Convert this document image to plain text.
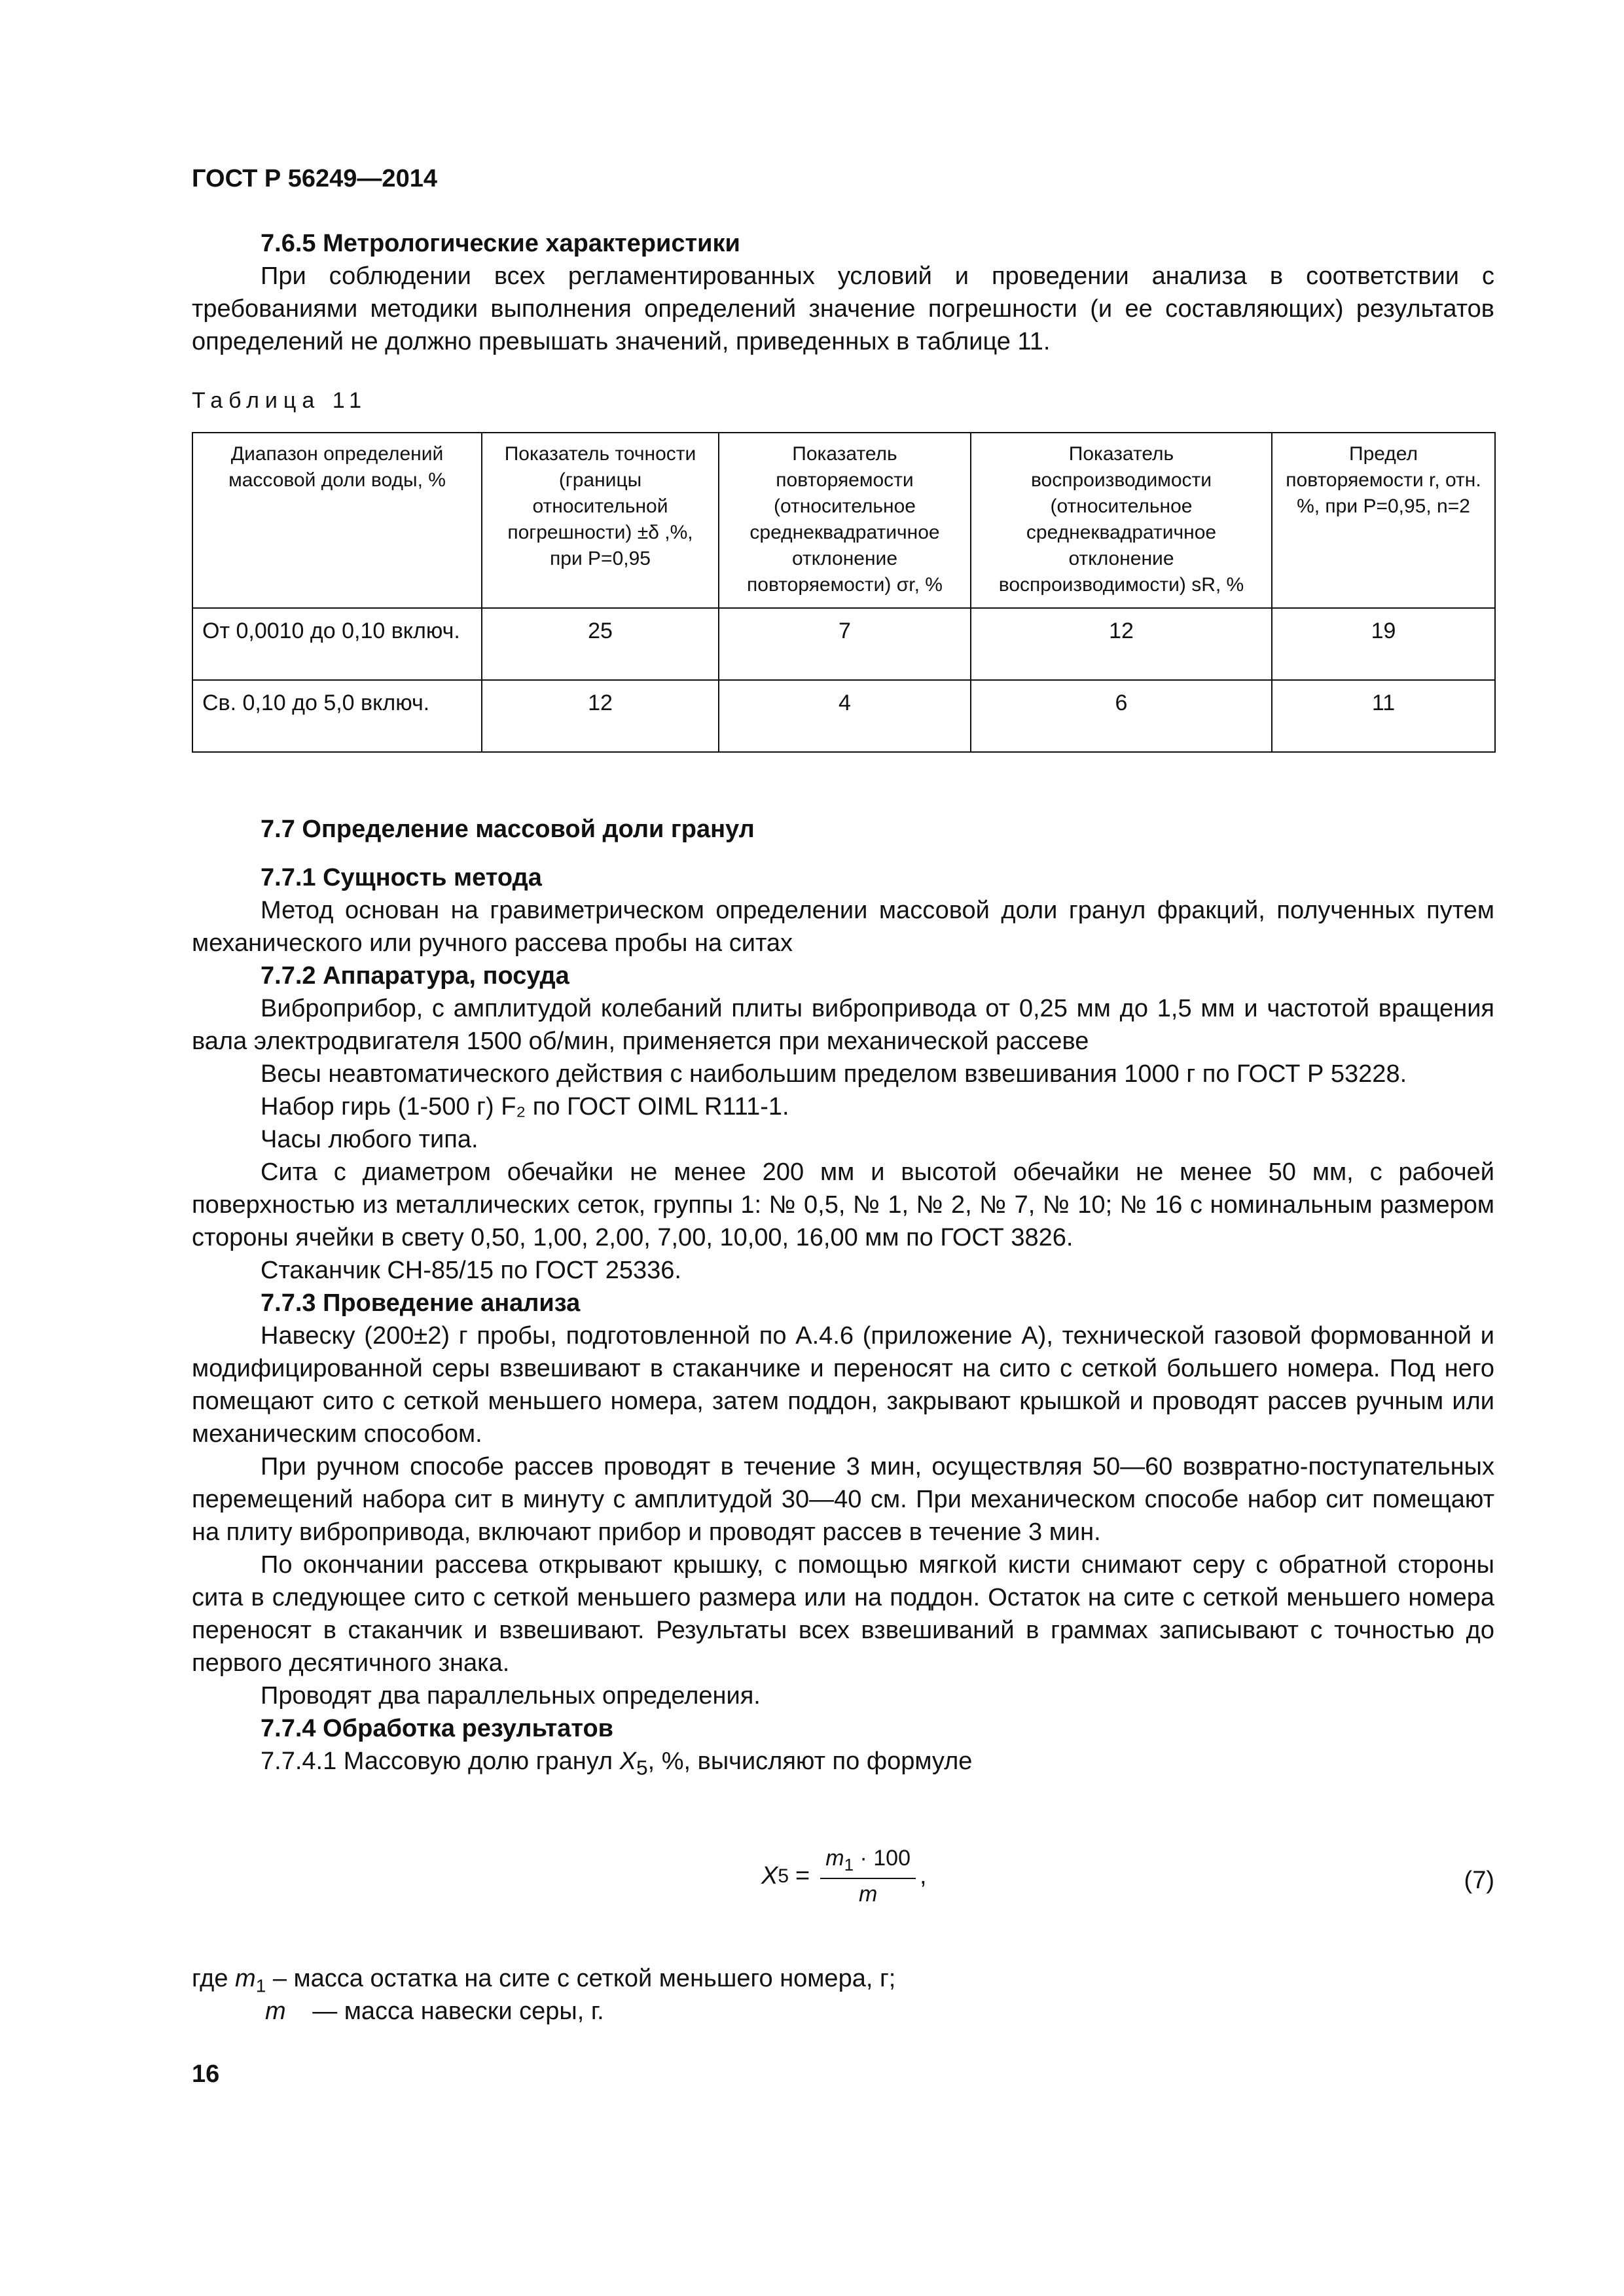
ГОСТ Р 56249—2014
7.6.5 Метрологические характеристики

При соблюдении всех регламентированных условий и проведении анализа в соответствии с требованиями методики выполнения определений значение погрешности (и ее составляющих) результатов определений не должно превышать значений, приведенных в таблице 11.

Таблица 11
Диапазон определений массовой доли воды, %	Показатель точности (границы относительной погрешности) ±δ ,%, при P=0,95	Показатель повторяемости (относительное среднеквадратичное отклонение повторяемости) σr, %	Показатель воспроизводимости (относительное среднеквадратичное отклонение воспроизводимости) sR, %	Предел повторяемости r, отн. %, при P=0,95, n=2
От 0,0010 до 0,10 включ.	25	7	12	19
Св. 0,10 до 5,0 включ.	12	4	6	11
7.7 Определение массовой доли гранул
7.7.1 Сущность метода

Метод основан на гравиметрическом определении массовой доли гранул фракций, полученных путем механического или ручного рассева пробы на ситах

7.7.2 Аппаратура, посуда

Виброприбор, с амплитудой колебаний плиты вибропривода от 0,25 мм до 1,5 мм и частотой вращения вала электродвигателя 1500 об/мин, применяется при механической рассеве

Весы неавтоматического действия с наибольшим пределом взвешивания 1000 г по ГОСТ Р 53228.

Набор гирь (1-500 г) F₂ по ГОСТ OIML R111-1.

Часы любого типа.

Сита с диаметром обечайки не менее 200 мм и высотой обечайки не менее 50 мм, с рабочей поверхностью из металлических сеток, группы 1: № 0,5, № 1, № 2, № 7, № 10; № 16 с номинальным размером стороны ячейки в свету 0,50, 1,00, 2,00, 7,00, 10,00, 16,00 мм по ГОСТ 3826.

Стаканчик СН-85/15 по ГОСТ 25336.

7.7.3 Проведение анализа

Навеску (200±2) г пробы, подготовленной по А.4.6 (приложение А), технической газовой формованной и модифицированной серы взвешивают в стаканчике и переносят на сито с сеткой большего номера. Под него помещают сито с сеткой меньшего номера, затем поддон, закрывают крышкой и проводят рассев ручным или механическим способом.

При ручном способе рассев проводят в течение 3 мин, осуществляя 50—60 возвратно-поступательных перемещений набора сит в минуту с амплитудой 30—40 см. При механическом способе набор сит помещают на плиту вибропривода, включают прибор и проводят рассев в течение 3 мин.

По окончании рассева открывают крышку, с помощью мягкой кисти снимают серу с обратной стороны сита в следующее сито с сеткой меньшего размера или на поддон. Остаток на сите с сеткой меньшего номера переносят в стаканчик и взвешивают. Результаты всех взвешиваний в граммах записывают с точностью до первого десятичного знака.

Проводят два параллельных определения.

7.7.4 Обработка результатов

7.7.4.1 Массовую долю гранул $X_5$, %, вычисляют по формуле

X $5 = \frac{m_1 \cdot 100}{m}$ ,	(7)
где $m_1$ – масса остатка на сите с сеткой меньшего номера, г;
m — масса навески серы, г.
16
